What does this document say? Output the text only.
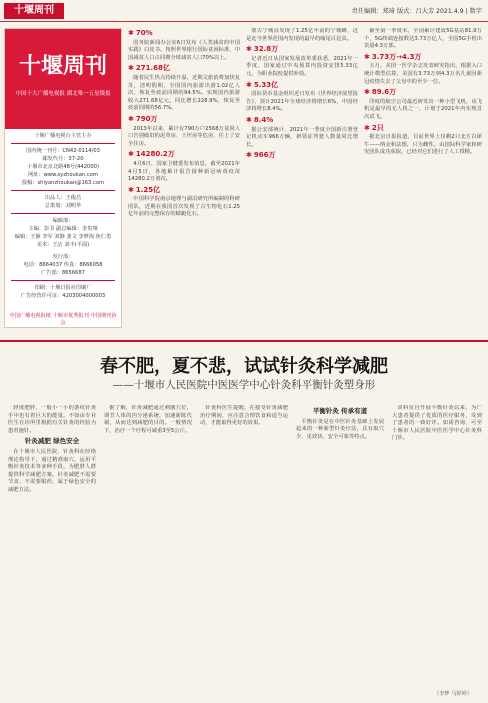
十堰周刊	责任编辑：郑琦 版式：吕大芳 2021.4.9 | 数字
十堰周刊
中国十大广播电视报 湖北唯一五星级报
十堰广播电视台主管主办
国内统一刊号：CN42-0114/03
邮发代号：37-20
十堰市北京北路48号(442000)
网址：www.syzhoukan.com
投稿：shiyanzhoukan@163.com
出品人：王俊昌
总策划：刘明华
编辑部：
主编：彭书 副总编辑：李贵翔
编辑：王静 李军 刘静 龚文 李梦海 焦仁勇
美术：王洁 刘丰(平面)
发行部：
电话：8664037 传真：8666058
广告部：8656687
印刷：十堰日报社印刷厂
广告经营许可证：4203004000003
中国广播电视报纸 十堰市优秀报刊 中国期刊协会
✱ 70%
国务院新闻办公室6日发布《人类减贫的中国实践》白皮书。按照世界银行国际贫困标准，中国减贫人口占同期全球减贫人口70%以上。
✱ 271.68亿
随着民生热点持续升温，近期文旅消费加快复苏，清明假期，全国国内旅游出游1.02亿人次，恢复至疫前同期的94.5%。实现国内旅游收入271.68亿元。同比增长228.9%，恢复至疫前同期的56.7%。
✱ 790万
2013年以来，累计有790万户2568万贫困人口告别破旧的泥草房、土坯房等危房，住上了安全住房。
✱ 14280.2万
4月6日，国家卫健委发布消息，截至2021年4月5日，各地累计报告接种新冠病毒疫苗14280.2万剂次。
✱ 1.25亿
中国科学院南京地理与湖泊研究所编制的科研团队，近期在我国首次发现了古生物化石1.25亿年前的完整保存的蜻蜓化石。
蒙古宁城县发现了1.25亿年前的宁城蜂，这是迄今世界范围内发现的最早的缘尾目昆虫。
✱ 32.8万
记者近日从国家发展改革委获悉，2021年一季度，国家通过中央预算内投资安排5.33亿元，为职业院校提供补助。
✱ 5.33亿
国际货币基金组织近日发布《世界经济展望报告》，预计2021年全球经济将增长6%，中国经济将增长8.4%。
✱ 8.4%
据公安部统计，2021年一季度全国新注册登记机动车966万辆，新领证驾驶人数量同比增长。
✱ 966万
截至第一季度末，全国累计建成5G基站81.9万个，5G终端连接数达3.73万亿人，全国5G手机出货量4.3万部。
✱ 3.73万→4.3万
五月，美国一医学杂志发表研究指出，根据入口统计模型估算，美国有3.73万到4.3万名儿童因新冠疫情失去了父母中的至少一位。
✱ 89.6万
印度的航空公司最近研发出一种小型飞机，该飞机是最早的无人机之一，计划于2021年内实现首次试飞。
✱ 2只
据北京日报报道，目前世界上仅剩2只北方白犀牛——纳金和法图，只为雌性。由国际科学家和研究团队成功获取，已经对它们进行了人工授精。
春不肥，夏不悲，试试针灸科学减肥
——十堰市人民医院中医医学中心针灸科平衡针灸塑身形
轻度肥胖，一般小一小的条纹针灸手中也有着巨大的能量。不如由专业医生在诊所里根据有关针灸的经验为患者施针。
针灸减肥 绿色安全
在十堰市人民医院，针灸科在经络理论指导下，通过精准取穴、运用平衡针灸技术等多种手段，为肥胖人群提供科学减肥方案。针灸减肥不需要节食、不需要服药，属于绿色安全的减肥方法。
据了解，针灸减肥通过刺激穴位，调节人体的内分泌系统，加速新陈代谢，从而达到减肥的目的。一般情况下，治疗一个疗程可减重3至5公斤。
针灸科医生提醒，在接受针灸减肥治疗期间，应注意合理饮食和适当运动，才能取得更好的效果。
平衡针灸 传承有道
平衡针灸是在中医针灸基础上发展起来的一种新型针灸疗法，具有取穴少、见效快、安全可靠等特点。
该科室自开展平衡针灸以来，为广大患者提供了优质的医疗服务，受到了患者的一致好评。如需咨询，可至十堰市人民医院中医医学中心针灸科门诊。
（李梦 马婷婷）
